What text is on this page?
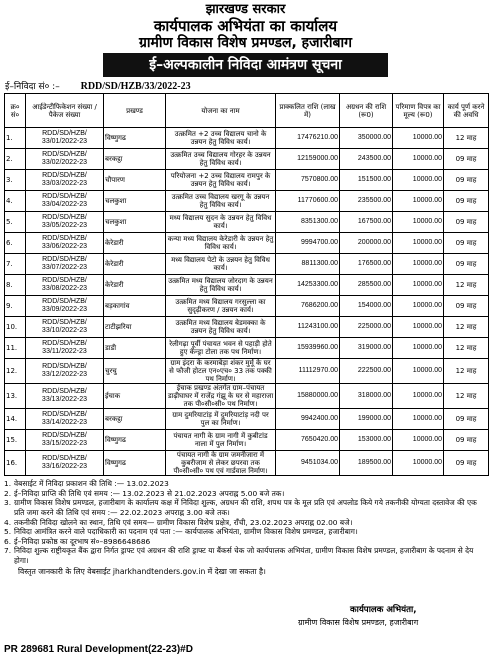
झारखण्ड सरकार
कार्यपालक अभियंता का कार्यालय
ग्रामीण विकास विशेष प्रमण्डल, हजारीबाग
ई–अल्पकालीन निविदा आमंत्रण सूचना
ई–निविदा सं० :– RDD/SD/HZB/33/2022-23
क्र० सं०	आईडेन्टीफिकेशन संख्या / पैकेज संख्या	प्रखण्ड	योजना का नाम	प्राक्कलित राशि (लाख में)	अग्रधन की राशि (रू0)	परिमाण विपत्र का मूल्य (रू0)	कार्य पूर्ण करने की अवधि
1.	RDD/SD/HZB/ 33/01/2022-23	विष्णुगढ	उत्क्रमित +2 उच्च विद्यालय चानो के उन्नयन हेतु विविध कार्य।	17476210.00	350000.00	10000.00	12 माह
2.	RDD/SD/HZB/ 33/02/2022-23	बरकट्ठा	उत्क्रमित उच्च विद्यालय गोरहर के उन्नयन हेतु विविध कार्य।	12159000.00	243500.00	10000.00	09 माह
3.	RDD/SD/HZB/ 33/03/2022-23	चौपारण	परियोजना +2 उच्च विद्यालय रामपुर के उन्नयन हेतु विविध कार्य।	7570800.00	151500.00	10000.00	09 माह
4.	RDD/SD/HZB/ 33/04/2022-23	चलकुशा	उत्क्रमित उच्च विद्यालय खरगू के उन्नयन हेतु विविध कार्य।	11770600.00	235500.00	10000.00	09 माह
5.	RDD/SD/HZB/ 33/05/2022-23	चलकुशा	मध्य विद्यालय सुदन के उन्नयन हेतु विविध कार्य।	8351300.00	167500.00	10000.00	09 माह
6.	RDD/SD/HZB/ 33/06/2022-23	केरेडारी	कन्या मध्य विद्यालय केरेडारी के उन्नयन हेतु विविध कार्य।	9994700.00	200000.00	10000.00	09 माह
7.	RDD/SD/HZB/ 33/07/2022-23	केरेडारी	मध्य विद्यालय पेटो के उन्नयन हेतु विविध कार्य।	8811300.00	176500.00	10000.00	09 माह
8.	RDD/SD/HZB/ 33/08/2022-23	केरेडारी	उत्क्रमित मध्य विद्यालय जोरदाग के उन्नयन हेतु विविध कार्य।	14253300.00	285500.00	10000.00	12 माह
9.	RDD/SD/HZB/ 33/09/2022-23	बड़कागांव	उत्क्रमित मध्य विद्यालय गरसुल्ला का सुदृढ़ीकरण / उन्नयन कार्य।	7686200.00	154000.00	10000.00	09 माह
10.	RDD/SD/HZB/ 33/10/2022-23	टाटीझरिया	उत्क्रमित मध्य विद्यालय बेडमक्का के उन्नयन हेतु विविध कार्य।	11243100.00	225000.00	10000.00	12 माह
11.	RDD/SD/HZB/ 33/11/2022-23	डाडी	रेलीगढ़ा पूर्वी पंचायत भवन से पहाड़ी होते हुए कॅन्ड्रा टोला तक पथ निर्माण।	15939960.00	319000.00	10000.00	12 माह
12.	RDD/SD/HZB/ 33/12/2022-23	चुरचु	ग्राम इंदरा के करमाबेड़ा शंकर मुर्मू के घर से फौजी होटल एन०एच० 33 तक पक्की पथ निर्माण।	11112970.00	222500.00	10000.00	12 माह
13.	RDD/SD/HZB/ 33/13/2022-23	ईचाक	ईचाक प्रखण्ड अंतर्गत ग्राम–पंचायत डाढ़ीघाघर में राजेंद्र गंझू के घर से महाराजा तक पी०सी०सी० पथ निर्माण।	15880000.00	318000.00	10000.00	12 माह
14.	RDD/SD/HZB/ 33/14/2022-23	बरकट्ठा	ग्राम दुमरियाटांड़ में दुमरियाटांड़ नदी पर पुल का निर्माण।	9942400.00	199000.00	10000.00	09 माह
15.	RDD/SD/HZB/ 33/15/2022-23	विष्णुगढ	पंचायत नागी के ग्राम नागी में कुबीटांड नाला में पुल निर्माण।	7650420.00	153000.00	10000.00	09 माह
16.	RDD/SD/HZB/ 33/16/2022-23	विष्णुगढ	पंचायत नागी के ग्राम जमनीजारा में कुबरीजाम से लेकर छपरवा तक पी०सी०सी० पथ एवं गार्डवाल निर्माण।	9451034.00	189500.00	10000.00	09 माह
1. वेबसाईट में निविदा प्रकाशन की तिथि :— 13.02.2023
2. ई–निविदा प्राप्ति की तिथि एवं समय :— 13.02.2023 से 21.02.2023 अपराह्न 5.00 बजे तक।
3. ग्रामीण विकास विशेष प्रमण्डल, हजारीबाग के कार्यालय कक्ष में निविदा शुल्क, अग्रधन की राशि, शपथ पत्र के मूल प्रति एवं अपलोड किये गये तकनीकी योग्यता दस्तावेज की एक प्रति जमा करने की तिथि एवं समय :— 22.02.2023 अपराह्न 3.00 बजे तक।
4. तकनीकी निविदा खोलने का स्थान, तिथि एवं समय— ग्रामीण विकास विशेष प्रक्षेत्र, राँची, 23.02.2023 अपराह्न 02.00 बजे।
5. निविदा आमंत्रित करने वाले पदाधिकारी का पदनाम एवं पता :— कार्यपालक अभियंता, ग्रामीण विकास विशेष प्रमण्डल, हजारीबाग।
6. ई–निविदा प्रकोष्ठ का दूरभाष सं०–8986648686
7. निविदा शुल्क राष्ट्रीयकृत बैंक द्वारा निर्गत ड्राफ्ट एवं अग्रधन की राशि ड्राफ्ट या बैंकर्स चेक जो कार्यपालक अभियंता, ग्रामीण विकास विशेष प्रमण्डल, हजारीबाग के पदनाम से देय होगा।
विस्तृत जानकारी के लिए वेबसाईट jharkhandtenders.gov.in में देखा जा सकता है।
कार्यपालक अभियंता,
ग्रामीण विकास विशेष प्रमण्डल, हजारीबाग
PR 289681 Rural Development(22-23)#D
